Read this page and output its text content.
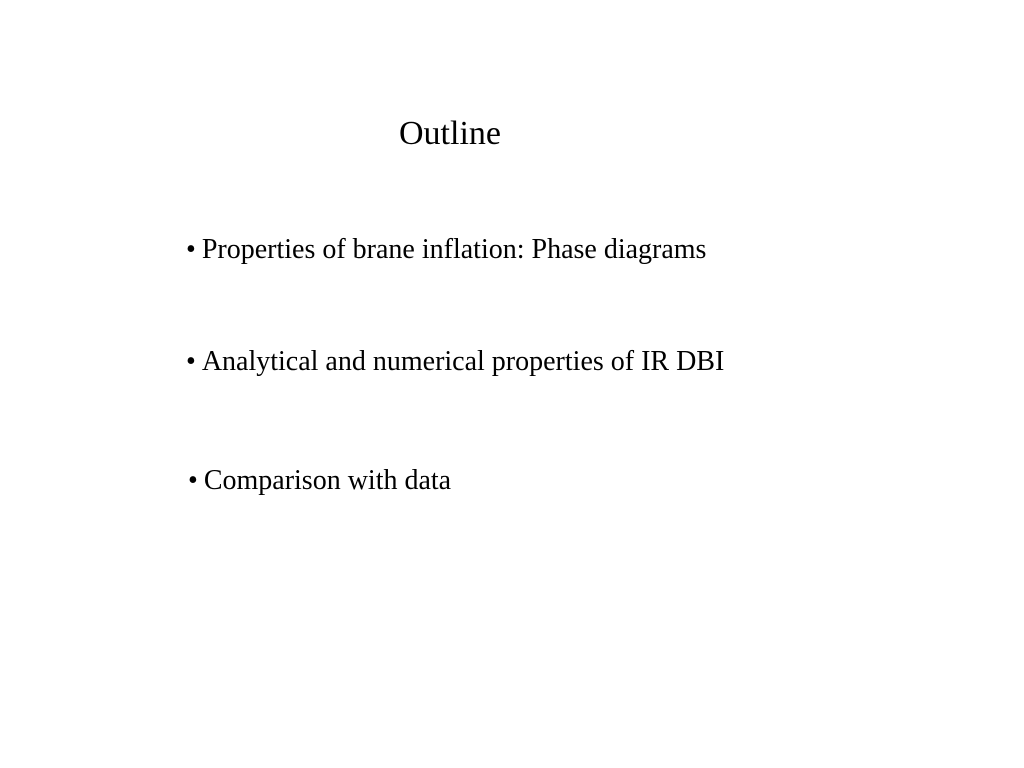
Outline
• Properties of brane inflation: Phase diagrams
• Analytical and numerical properties of IR DBI
• Comparison with data
